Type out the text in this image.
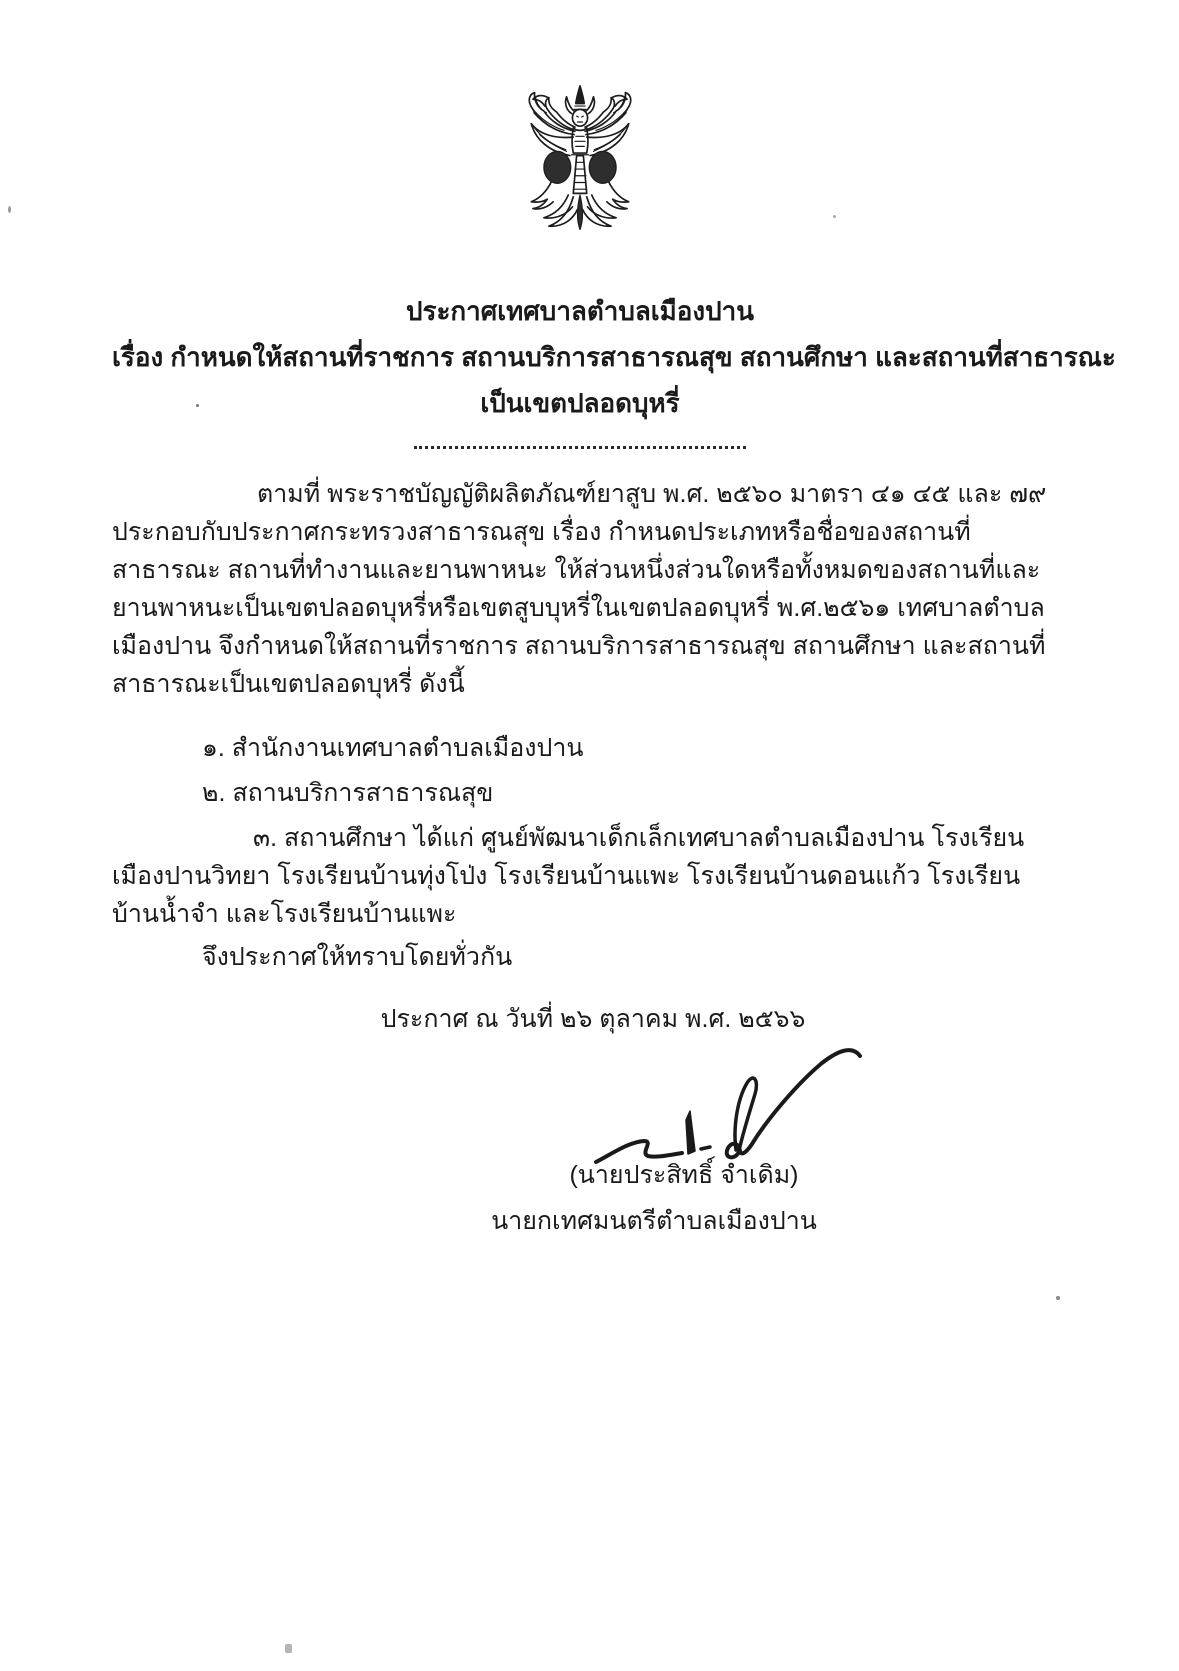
ประกาศเทศบาลตำบลเมืองปาน
เรื่อง กำหนดให้สถานที่ราชการ สถานบริการสาธารณสุข สถานศึกษา และสถานที่สาธารณะ
เป็นเขตปลอดบุหรี่

ตามที่ พระราชบัญญัติผลิตภัณฑ์ยาสูบ พ.ศ. ๒๕๖๐ มาตรา ๔๑ ๔๕ และ ๗๙ ประกอบกับประกาศกระทรวงสาธารณสุข เรื่อง กำหนดประเภทหรือชื่อของสถานที่สาธารณะ สถานที่ทำงานและยานพาหนะ ให้ส่วนหนึ่งส่วนใดหรือทั้งหมดของสถานที่และยานพาหนะเป็นเขตปลอดบุหรี่หรือเขตสูบบุหรี่ในเขตปลอดบุหรี่ พ.ศ.๒๕๖๑ เทศบาลตำบลเมืองปาน จึงกำหนดให้สถานที่ราชการ สถานบริการสาธารณสุข สถานศึกษา และสถานที่สาธารณะเป็นเขตปลอดบุหรี่ ดังนี้

๑. สำนักงานเทศบาลตำบลเมืองปาน

๒. สถานบริการสาธารณสุข

๓. สถานศึกษา ได้แก่ ศูนย์พัฒนาเด็กเล็กเทศบาลตำบลเมืองปาน โรงเรียนเมืองปานวิทยา โรงเรียนบ้านทุ่งโป่ง โรงเรียนบ้านแพะ โรงเรียนบ้านดอนแก้ว โรงเรียนบ้านน้ำจำ และโรงเรียนบ้านแพะ

จึงประกาศให้ทราบโดยทั่วกัน

ประกาศ ณ วันที่ ๒๖ ตุลาคม พ.ศ. ๒๕๖๖

(นายประสิทธิ์ จำเดิม)

นายกเทศมนตรีตำบลเมืองปาน
